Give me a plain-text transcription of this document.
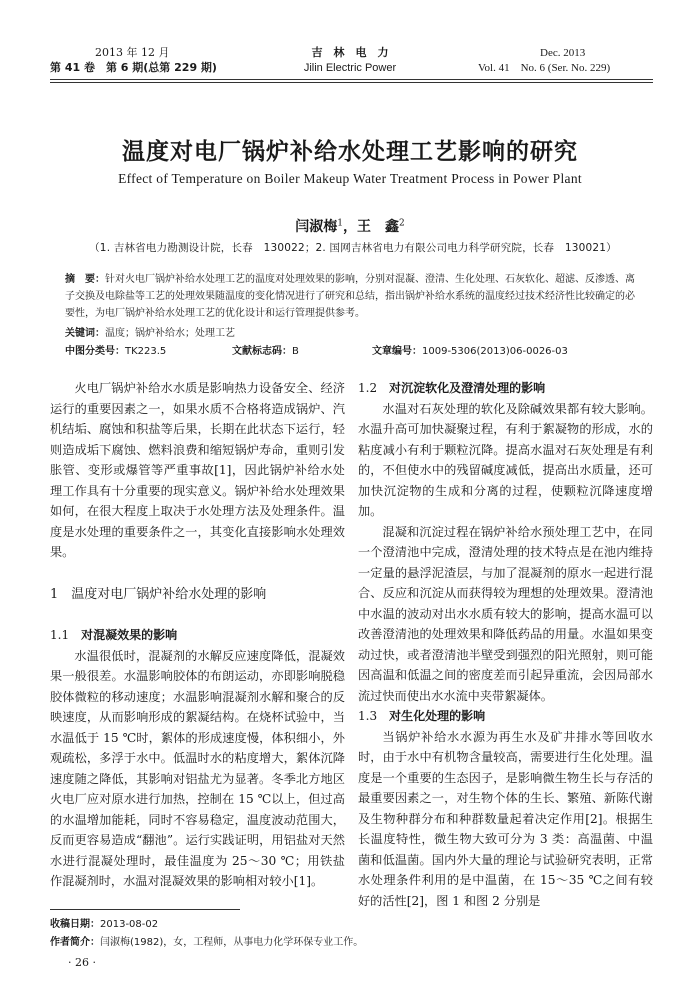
2013 年 12 月
第 41 卷　第 6 期(总第 229 期)
吉　林　电　力
Jilin Electric Power
Dec. 2013
Vol. 41　No. 6 (Ser. No. 229)
温度对电厂锅炉补给水处理工艺影响的研究
Effect of Temperature on Boiler Makeup Water Treatment Process in Power Plant
闫淑梅$^1$，王　鑫$^2$
（1. 吉林省电力勘测设计院，长春　130022；2. 国网吉林省电力有限公司电力科学研究院，长春　130021）
摘　要：针对火电厂锅炉补给水处理工艺的温度对处理效果的影响，分别对混凝、澄清、生化处理、石灰软化、超滤、反渗透、离子交换及电除盐等工艺的处理效果随温度的变化情况进行了研究和总结，指出锅炉补给水系统的温度经过技术经济性比较确定的必要性，为电厂锅炉补给水处理工艺的优化设计和运行管理提供参考。
关键词：温度；锅炉补给水；处理工艺
中图分类号：TK223.5	文献标志码：B	文章编号：1009-5306(2013)06-0026-03

火电厂锅炉补给水水质是影响热力设备安全、经济运行的重要因素之一，如果水质不合格将造成锅炉、汽机结垢、腐蚀和积盐等后果，长期在此状态下运行，轻则造成垢下腐蚀、燃料浪费和缩短锅炉寿命，重则引发胀管、变形或爆管等严重事故[1]，因此锅炉补给水处理工作具有十分重要的现实意义。锅炉补给水处理效果如何，在很大程度上取决于水处理方法及处理条件。温度是水处理的重要条件之一，其变化直接影响水处理效果。

1　温度对电厂锅炉补给水处理的影响
1.1　 对混凝效果的影响

水温很低时，混凝剂的水解反应速度降低，混凝效果一般很差。水温影响胶体的布朗运动，亦即影响脱稳胶体微粒的移动速度；水温影响混凝剂水解和聚合的反映速度，从而影响形成的絮凝结构。在烧杯试验中，当水温低于 15 ℃时，絮体的形成速度慢，体积细小，外观疏松，多浮于水中。低温时水的粘度增大，絮体沉降速度随之降低，其影响对铝盐尤为显著。冬季北方地区火电厂应对原水进行加热，控制在 15 ℃以上，但过高的水温增加能耗，同时不容易稳定，温度波动范围大，反而更容易造成“翻池”。运行实践证明，用铝盐对天然水进行混凝处理时，最佳温度为 25～30 ℃；用铁盐作混凝剂时，水温对混凝效果的影响相对较小[1]。

1.2　 对沉淀软化及澄清处理的影响

水温对石灰处理的软化及除碱效果都有较大影响。水温升高可加快凝聚过程，有利于絮凝物的形成，水的粘度减小有利于颗粒沉降。提高水温对石灰处理是有利的，不但使水中的残留碱度减低，提高出水质量，还可加快沉淀物的生成和分离的过程，使颗粒沉降速度增加。

混凝和沉淀过程在锅炉补给水预处理工艺中，在同一个澄清池中完成，澄清处理的技术特点是在池内维持一定量的悬浮泥渣层，与加了混凝剂的原水一起进行混合、反应和沉淀从而获得较为理想的处理效果。澄清池中水温的波动对出水水质有较大的影响，提高水温可以改善澄清池的处理效果和降低药品的用量。水温如果变动过快，或者澄清池半壁受到强烈的阳光照射，则可能因高温和低温之间的密度差而引起异重流，会因局部水流过快而使出水水流中夹带絮凝体。

1.3　 对生化处理的影响

当锅炉补给水水源为再生水及矿井排水等回收水时，由于水中有机物含量较高，需要进行生化处理。温度是一个重要的生态因子，是影响微生物生长与存活的最重要因素之一，对生物个体的生长、繁殖、新陈代谢及生物种群分布和种群数量起着决定作用[2]。根据生长温度特性，微生物大致可分为 3 类：高温菌、中温菌和低温菌。国内外大量的理论与试验研究表明，正常水处理条件利用的是中温菌，在 15～35 ℃之间有较好的活性[2]，图 1 和图 2 分别是

收稿日期：2013-08-02
作者简介：闫淑梅(1982)，女，工程师，从事电力化学环保专业工作。
· 26 ·
